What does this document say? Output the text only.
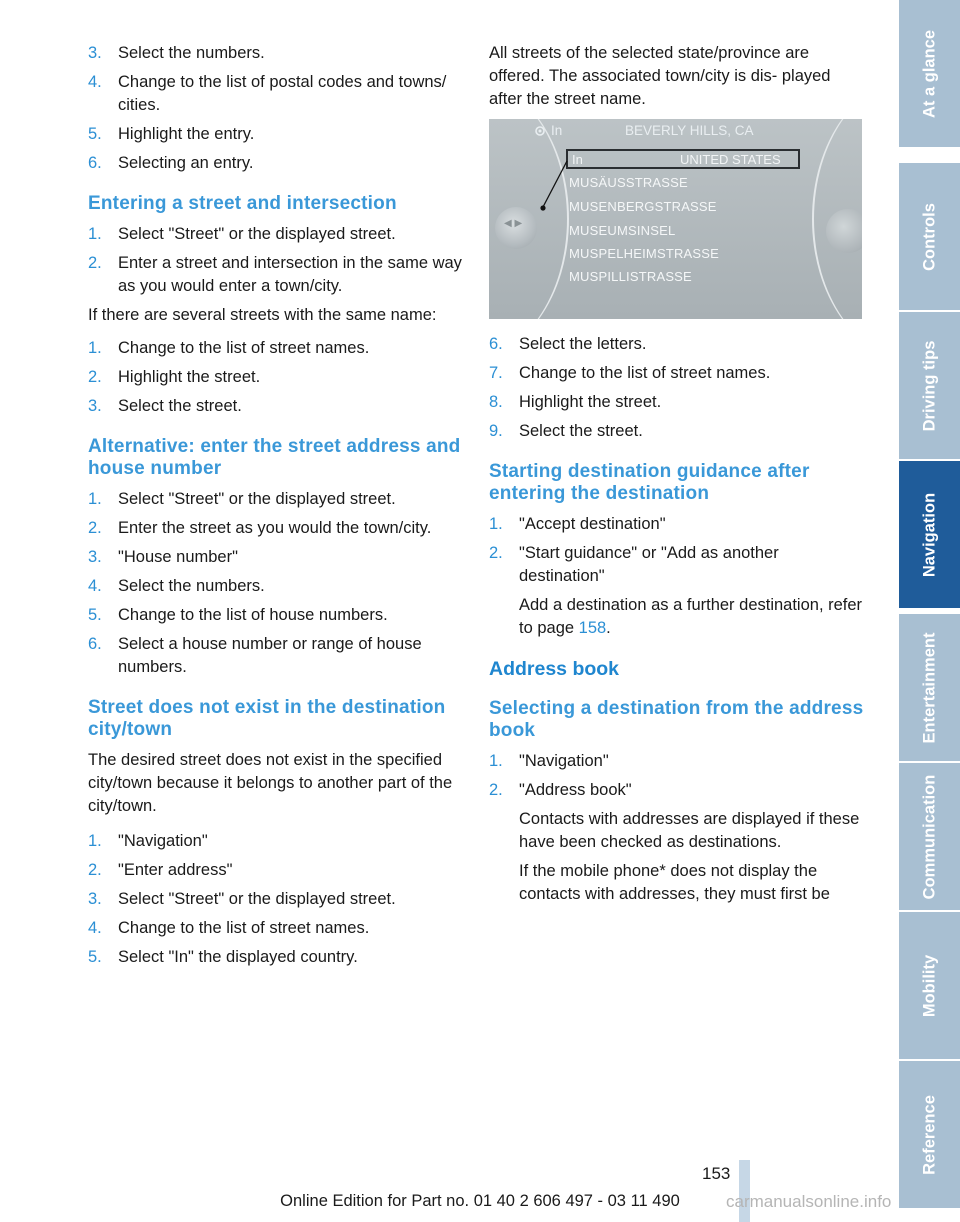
3. Select the numbers.
4. Change to the list of postal codes and towns/ cities.
5. Highlight the entry.
6. Selecting an entry.
Entering a street and intersection
1. Select "Street" or the displayed street.
2. Enter a street and intersection in the same way as you would enter a town/city.

If there are several streets with the same name:

1. Change to the list of street names.
2. Highlight the street.
3. Select the street.
Alternative: enter the street address and house number
1. Select "Street" or the displayed street.
2. Enter the street as you would the town/city.
3. "House number"
4. Select the numbers.
5. Change to the list of house numbers.
6. Select a house number or range of house numbers.
Street does not exist in the destination city/town

The desired street does not exist in the specified city/town because it belongs to another part of the city/town.

1. "Navigation"
2. "Enter address"
3. Select "Street" or the displayed street.
4. Change to the list of street names.
5. Select "In" the displayed country.

All streets of the selected state/province are offered. The associated town/city is dis- played after the street name.

In	BEVERLY HILLS, CA
In	UNITED STATES
MUSÄUSSTRASSE
MUSENBERGSTRASSE
MUSEUMSINSEL
MUSPELHEIMSTRASSE
MUSPILLISTRASSE
◀ ▶
6. Select the letters.
7. Change to the list of street names.
8. Highlight the street.
9. Select the street.
Starting destination guidance after entering the destination
1. "Accept destination"
2. "Start guidance" or "Add as another destination"
Add a destination as a further destination, refer to page 158.
Address book
Selecting a destination from the address book
1. "Navigation"
2. "Address book"
Contacts with addresses are displayed if these have been checked as destinations.
If the mobile phone* does not display the contacts with addresses, they must first be
At a glance
Controls
Driving tips
Navigation
Entertainment
Communication
Mobility
Reference
153
Online Edition for Part no. 01 40 2 606 497 - 03 11 490	carmanualsonline.info
